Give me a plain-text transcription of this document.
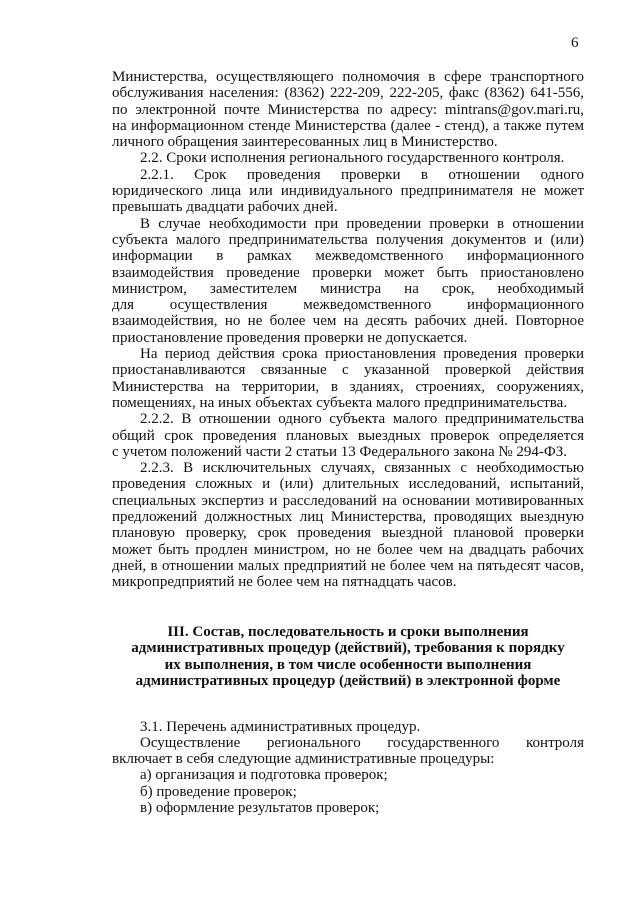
6
Министерства, осуществляющего полномочия в сфере транспортного
обслуживания населения: (8362) 222-209, 222-205, факс (8362) 641-556,
по электронной почте Министерства по адресу: mintrans@gov.mari.ru,
на информационном стенде Министерства (далее - стенд), а также путем
личного обращения заинтересованных лиц в Министерство.
2.2. Сроки исполнения регионального государственного контроля.
2.2.1. Срок проведения проверки в отношении одного
юридического лица или индивидуального предпринимателя не может
превышать двадцати рабочих дней.
В случае необходимости при проведении проверки в отношении
субъекта малого предпринимательства получения документов и (или)
информации в рамках межведомственного информационного
взаимодействия проведение проверки может быть приостановлено
министром, заместителем министра на срок, необходимый
для осуществления межведомственного информационного
взаимодействия, но не более чем на десять рабочих дней. Повторное
приостановление проведения проверки не допускается.
На период действия срока приостановления проведения проверки
приостанавливаются связанные с указанной проверкой действия
Министерства на территории, в зданиях, строениях, сооружениях,
помещениях, на иных объектах субъекта малого предпринимательства.
2.2.2. В отношении одного субъекта малого предпринимательства
общий срок проведения плановых выездных проверок определяется
с учетом положений части 2 статьи 13 Федерального закона № 294-ФЗ.
2.2.3. В исключительных случаях, связанных с необходимостью
проведения сложных и (или) длительных исследований, испытаний,
специальных экспертиз и расследований на основании мотивированных
предложений должностных лиц Министерства, проводящих выездную
плановую проверку, срок проведения выездной плановой проверки
может быть продлен министром, но не более чем на двадцать рабочих
дней, в отношении малых предприятий не более чем на пятьдесят часов,
микропредприятий не более чем на пятнадцать часов.
III. Состав, последовательность и сроки выполнения
административных процедур (действий), требования к порядку
их выполнения, в том числе особенности выполнения
административных процедур (действий) в электронной форме
3.1. Перечень административных процедур.
Осуществление регионального государственного контроля
включает в себя следующие административные процедуры:
а) организация и подготовка проверок;
б) проведение проверок;
в) оформление результатов проверок;
